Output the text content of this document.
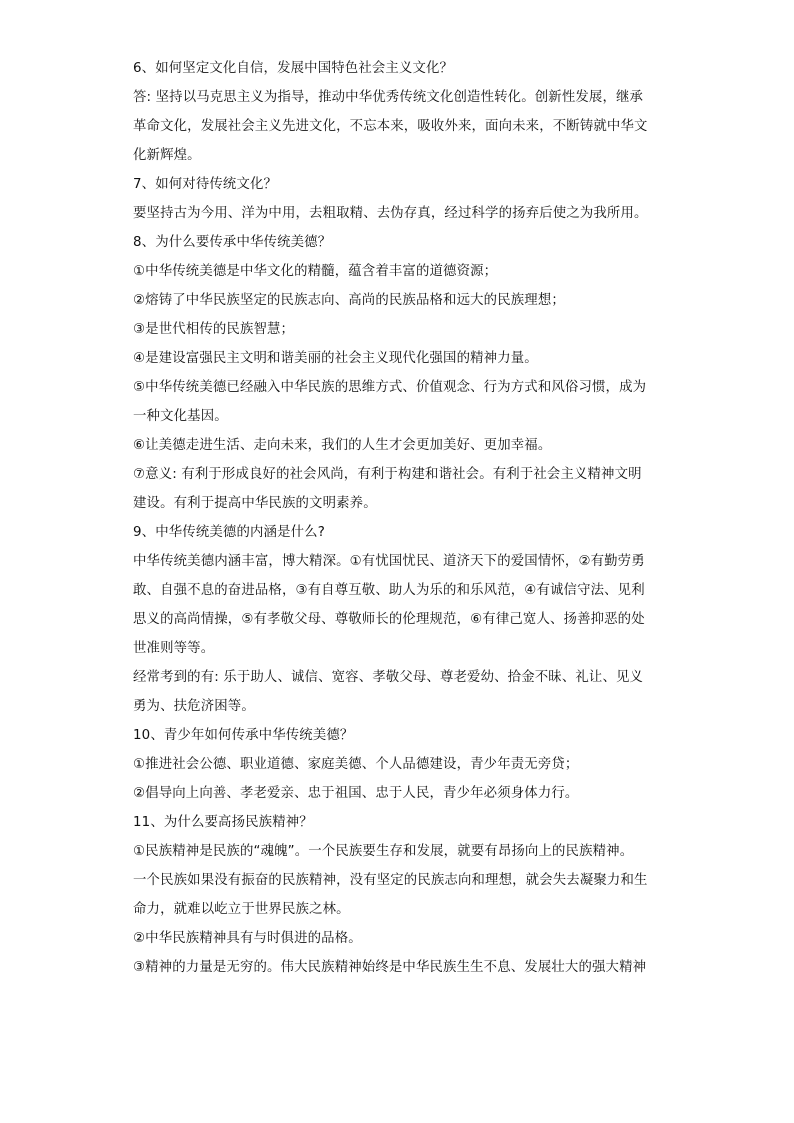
6、如何坚定文化自信，发展中国特色社会主义文化？
答: 坚持以马克思主义为指导，推动中华优秀传统文化创造性转化。创新性发展，继承
革命文化，发展社会主义先进文化，不忘本来，吸收外来，面向未来，不断铸就中华文
化新辉煌。
7、如何对待传统文化？
要坚持古为今用、洋为中用，去粗取精、去伪存真，经过科学的扬弃后使之为我所用。
8、为什么要传承中华传统美德？
①中华传统美德是中华文化的精髓，蕴含着丰富的道德资源；
②熔铸了中华民族坚定的民族志向、高尚的民族品格和远大的民族理想；
③是世代相传的民族智慧；
④是建设富强民主文明和谐美丽的社会主义现代化强国的精神力量。
⑤中华传统美德已经融入中华民族的思维方式、价值观念、行为方式和风俗习惯，成为
一种文化基因。
⑥让美德走进生活、走向未来，我们的人生才会更加美好、更加幸福。
⑦意义: 有利于形成良好的社会风尚，有利于构建和谐社会。有利于社会主义精神文明
建设。有利于提高中华民族的文明素养。
9、中华传统美德的内涵是什么?
中华传统美德内涵丰富，博大精深。①有忧国忧民、道济天下的爱国情怀，②有勤劳勇
敢、自强不息的奋进品格，③有自尊互敬、助人为乐的和乐风范，④有诚信守法、见利
思义的高尚情操，⑤有孝敬父母、尊敬师长的伦理规范，⑥有律己宽人、扬善抑恶的处
世准则等等。
经常考到的有: 乐于助人、诚信、宽容、孝敬父母、尊老爱幼、拾金不昧、礼让、见义
勇为、扶危济困等。
10、青少年如何传承中华传统美德？
①推进社会公德、职业道德、家庭美德、个人品德建设，青少年责无旁贷；
②倡导向上向善、孝老爱亲、忠于祖国、忠于人民，青少年必须身体力行。
11、为什么要高扬民族精神？
①民族精神是民族的“魂魄”。一个民族要生存和发展，就要有昂扬向上的民族精神。
一个民族如果没有振奋的民族精神，没有坚定的民族志向和理想，就会失去凝聚力和生
命力，就难以屹立于世界民族之林。
②中华民族精神具有与时俱进的品格。
③精神的力量是无穷的。伟大民族精神始终是中华民族生生不息、发展壮大的强大精神
